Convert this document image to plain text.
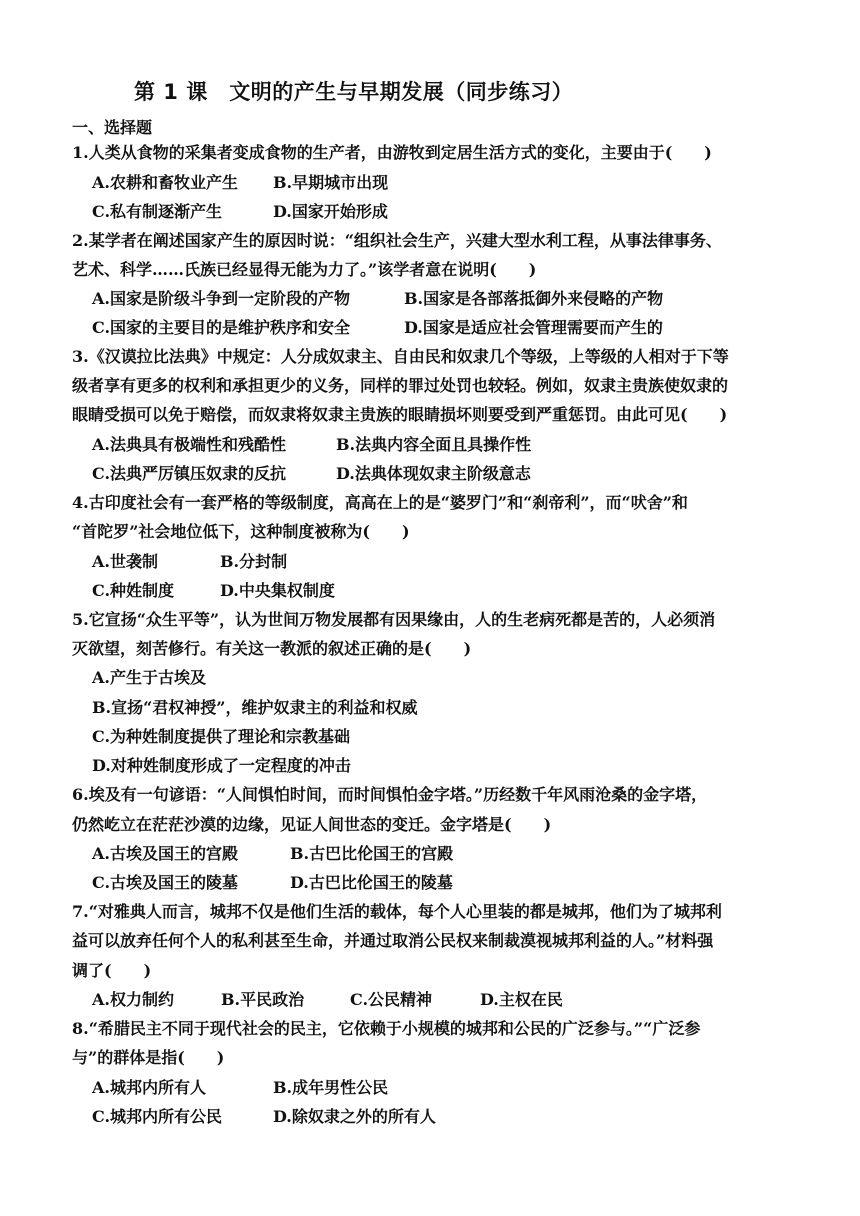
第 1 课　文明的产生与早期发展（同步练习）
一、选择题
1.人类从食物的采集者变成食物的生产者，由游牧到定居生活方式的变化，主要由于(　　)
A.农耕和畜牧业产生 B.早期城市出现
C.私有制逐渐产生	D.国家开始形成
2.某学者在阐述国家产生的原因时说：“组织社会生产，兴建大型水利工程，从事法律事务、
艺术、科学……氏族已经显得无能为力了。”该学者意在说明(　　)
A.国家是阶级斗争到一定阶段的产物	B.国家是各部落抵御外来侵略的产物
C.国家的主要目的是维护秩序和安全	D.国家是适应社会管理需要而产生的
3.《汉谟拉比法典》中规定：人分成奴隶主、自由民和奴隶几个等级，上等级的人相对于下等
级者享有更多的权利和承担更少的义务，同样的罪过处罚也较轻。例如，奴隶主贵族使奴隶的
眼睛受损可以免于赔偿，而奴隶将奴隶主贵族的眼睛损坏则要受到严重惩罚。由此可见(　　)
A.法典具有极端性和残酷性	B.法典内容全面且具操作性
C.法典严厉镇压奴隶的反抗	D.法典体现奴隶主阶级意志
4.古印度社会有一套严格的等级制度，高高在上的是“婆罗门”和“刹帝利”，而“吠舍”和
“首陀罗”社会地位低下，这种制度被称为(　　)
A.世袭制	B.分封制
C.种姓制度	D.中央集权制度
5.它宣扬“众生平等”，认为世间万物发展都有因果缘由，人的生老病死都是苦的，人必须消
灭欲望，刻苦修行。有关这一教派的叙述正确的是(　　)
A.产生于古埃及
B.宣扬“君权神授”，维护奴隶主的利益和权威
C.为种姓制度提供了理论和宗教基础
D.对种姓制度形成了一定程度的冲击
6.埃及有一句谚语：“人间惧怕时间，而时间惧怕金字塔。”历经数千年风雨沧桑的金字塔，
仍然屹立在茫茫沙漠的边缘，见证人间世态的变迁。金字塔是(　　)
A.古埃及国王的宫殿	B.古巴比伦国王的宫殿
C.古埃及国王的陵墓	D.古巴比伦国王的陵墓
7.“对雅典人而言，城邦不仅是他们生活的载体，每个人心里装的都是城邦，他们为了城邦利
益可以放弃任何个人的私利甚至生命，并通过取消公民权来制裁漠视城邦利益的人。”材料强
调了(　　)
A.权力制约	B.平民政治	C.公民精神	D.主权在民
8.“希腊民主不同于现代社会的民主，它依赖于小规模的城邦和公民的广泛参与。”“广泛参
与”的群体是指(　　)
A.城邦内所有人	B.成年男性公民
C.城邦内所有公民	D.除奴隶之外的所有人
